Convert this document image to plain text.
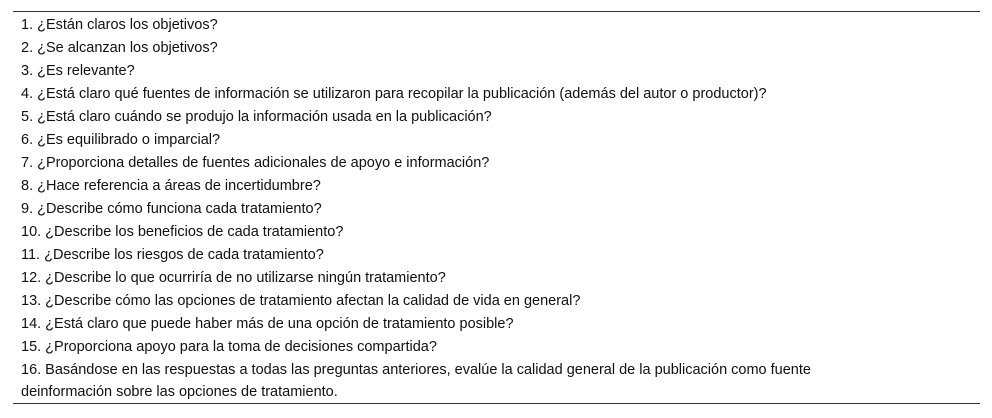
1. ¿Están claros los objetivos?
2. ¿Se alcanzan los objetivos?
3. ¿Es relevante?
4. ¿Está claro qué fuentes de información se utilizaron para recopilar la publicación (además del autor o productor)?
5. ¿Está claro cuándo se produjo la información usada en la publicación?
6. ¿Es equilibrado o imparcial?
7. ¿Proporciona detalles de fuentes adicionales de apoyo e información?
8. ¿Hace referencia a áreas de incertidumbre?
9. ¿Describe cómo funciona cada tratamiento?
10. ¿Describe los beneficios de cada tratamiento?
11. ¿Describe los riesgos de cada tratamiento?
12. ¿Describe lo que ocurriría de no utilizarse ningún tratamiento?
13. ¿Describe cómo las opciones de tratamiento afectan la calidad de vida en general?
14. ¿Está claro que puede haber más de una opción de tratamiento posible?
15. ¿Proporciona apoyo para la toma de decisiones compartida?
16. Basándose en las respuestas a todas las preguntas anteriores, evalúe la calidad general de la publicación como fuente deinformación sobre las opciones de tratamiento.
